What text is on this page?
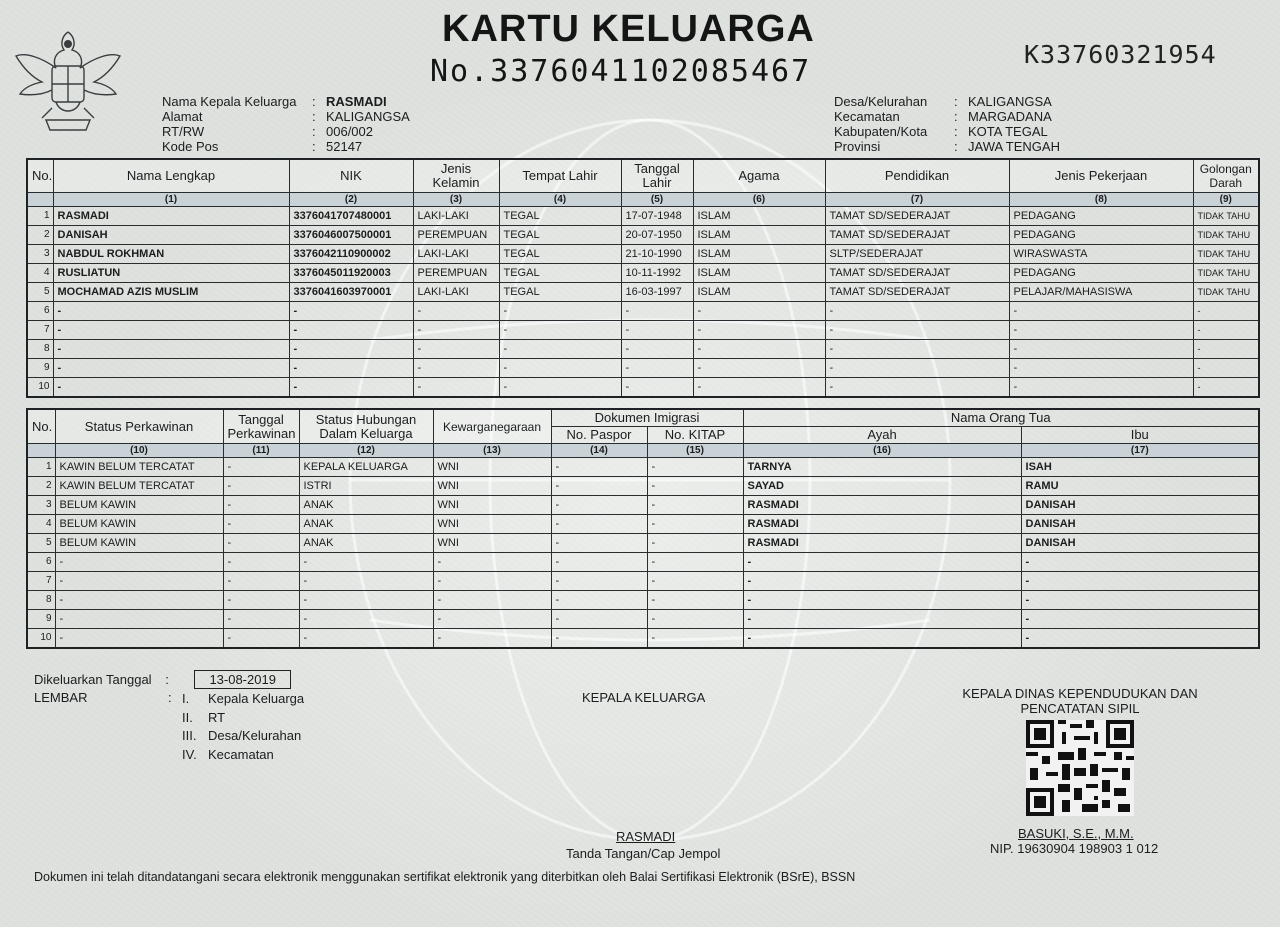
KARTU KELUARGA
No.3376041102085467	K33760321954
Nama Kepala Keluarga	: RASMADI
Alamat	: KALIGANGSA
RT/RW	: 006/002
Kode Pos	: 52147
Desa/Kelurahan	: KALIGANGSA
Kecamatan	: MARGADANA
Kabupaten/Kota	: KOTA TEGAL
Provinsi	: JAWA TENGAH
No.	Nama Lengkap	NIK	Jenis Kelamin	Tempat Lahir	Tanggal Lahir	Agama	Pendidikan	Jenis Pekerjaan	Golongan Darah
	(1)	(2)	(3)	(4)	(5)	(6)	(7)	(8)	(9)
1	RASMADI	3376041707480001	LAKI-LAKI	TEGAL	17-07-1948	ISLAM	TAMAT SD/SEDERAJAT	PEDAGANG	TIDAK TAHU
2	DANISAH	3376046007500001	PEREMPUAN	TEGAL	20-07-1950	ISLAM	TAMAT SD/SEDERAJAT	PEDAGANG	TIDAK TAHU
3	NABDUL ROKHMAN	3376042110900002	LAKI-LAKI	TEGAL	21-10-1990	ISLAM	SLTP/SEDERAJAT	WIRASWASTA	TIDAK TAHU
4	RUSLIATUN	3376045011920003	PEREMPUAN	TEGAL	10-11-1992	ISLAM	TAMAT SD/SEDERAJAT	PEDAGANG	TIDAK TAHU
5	MOCHAMAD AZIS MUSLIM	3376041603970001	LAKI-LAKI	TEGAL	16-03-1997	ISLAM	TAMAT SD/SEDERAJAT	PELAJAR/MAHASISWA	TIDAK TAHU
6	-	-	-	-	-	-	-	-	-
7	-	-	-	-	-	-	-	-	-
8	-	-	-	-	-	-	-	-	-
9	-	-	-	-	-	-	-	-	-
10	-	-	-	-	-	-	-	-	-
No.	Status Perkawinan	Tanggal Perkawinan	Status Hubungan Dalam Keluarga	Kewarganegaraan	Dokumen Imigrasi		Nama Orang Tua	
					No. Paspor	No. KITAP	Ayah	Ibu
	(10)	(11)	(12)	(13)	(14)	(15)	(16)	(17)
1	KAWIN BELUM TERCATAT	-	KEPALA KELUARGA	WNI	-	-	TARNYA	ISAH
2	KAWIN BELUM TERCATAT	-	ISTRI	WNI	-	-	SAYAD	RAMU
3	BELUM KAWIN	-	ANAK	WNI	-	-	RASMADI	DANISAH
4	BELUM KAWIN	-	ANAK	WNI	-	-	RASMADI	DANISAH
5	BELUM KAWIN	-	ANAK	WNI	-	-	RASMADI	DANISAH
6	-	-	-	-	-	-	-	-
7	-	-	-	-	-	-	-	-
8	-	-	-	-	-	-	-	-
9	-	-	-	-	-	-	-	-
10	-	-	-	-	-	-	-	-
Dikeluarkan Tanggal :	13-08-2019
LEMBAR	: I. Kepala Keluarga
II. RT
III. Desa/Kelurahan
IV. Kecamatan
KEPALA KELUARGA
RASMADI
Tanda Tangan/Cap Jempol
KEPALA DINAS KEPENDUDUKAN DAN
PENCATATAN SIPIL
BASUKI, S.E., M.M.
NIP. 19630904 198903 1 012
Dokumen ini telah ditandatangani secara elektronik menggunakan sertifikat elektronik yang diterbitkan oleh Balai Sertifikasi Elektronik (BSrE), BSSN
